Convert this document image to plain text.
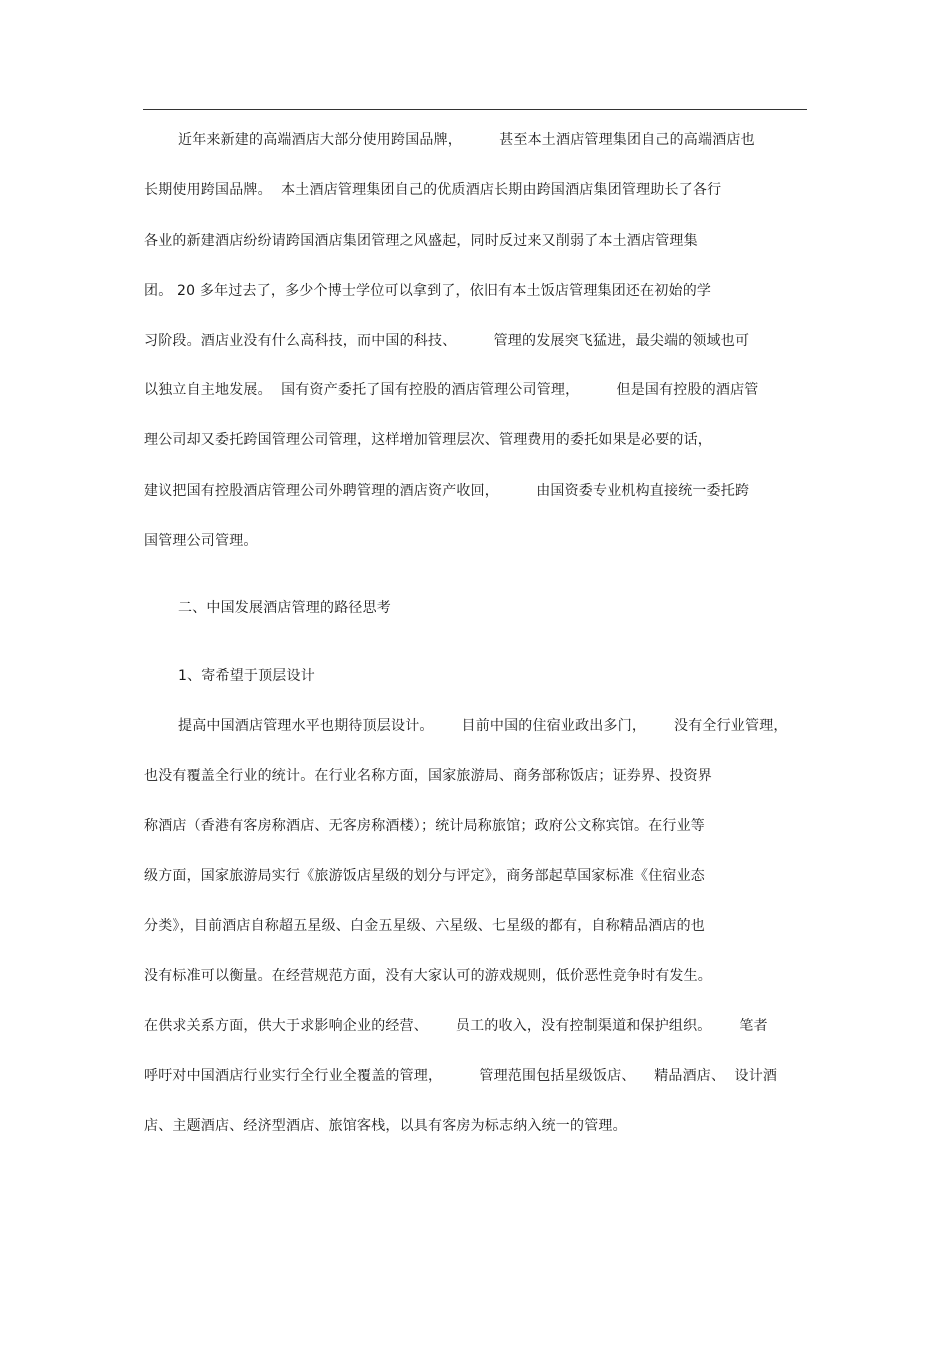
近年来新建的高端酒店大部分使用跨国品牌，        甚至本土酒店管理集团自己的高端酒店也
长期使用跨国品牌。  本土酒店管理集团自己的优质酒店长期由跨国酒店集团管理助长了各行
各业的新建酒店纷纷请跨国酒店集团管理之风盛起，同时反过来又削弱了本土酒店管理集
团。 20 多年过去了，多少个博士学位可以拿到了，依旧有本土饭店管理集团还在初始的学
习阶段。酒店业没有什么高科技，而中国的科技、        管理的发展突飞猛进，最尖端的领域也可
以独立自主地发展。  国有资产委托了国有控股的酒店管理公司管理，        但是国有控股的酒店管
理公司却又委托跨国管理公司管理，这样增加管理层次、管理费用的委托如果是必要的话，
建议把国有控股酒店管理公司外聘管理的酒店资产收回，        由国资委专业机构直接统一委托跨
国管理公司管理。
二、中国发展酒店管理的路径思考
1、寄希望于顶层设计
提高中国酒店管理水平也期待顶层设计。      目前中国的住宿业政出多门，      没有全行业管理，
也没有覆盖全行业的统计。在行业名称方面，国家旅游局、商务部称饭店；证券界、投资界
称酒店（香港有客房称酒店、无客房称酒楼）；统计局称旅馆；政府公文称宾馆。在行业等
级方面，国家旅游局实行《旅游饭店星级的划分与评定》，商务部起草国家标准《住宿业态
分类》，目前酒店自称超五星级、白金五星级、六星级、七星级的都有，自称精品酒店的也
没有标准可以衡量。在经营规范方面，没有大家认可的游戏规则，低价恶性竞争时有发生。
在供求关系方面，供大于求影响企业的经营、      员工的收入，没有控制渠道和保护组织。      笔者
呼吁对中国酒店行业实行全行业全覆盖的管理，        管理范围包括星级饭店、    精品酒店、  设计酒
店、主题酒店、经济型酒店、旅馆客栈，以具有客房为标志纳入统一的管理。
